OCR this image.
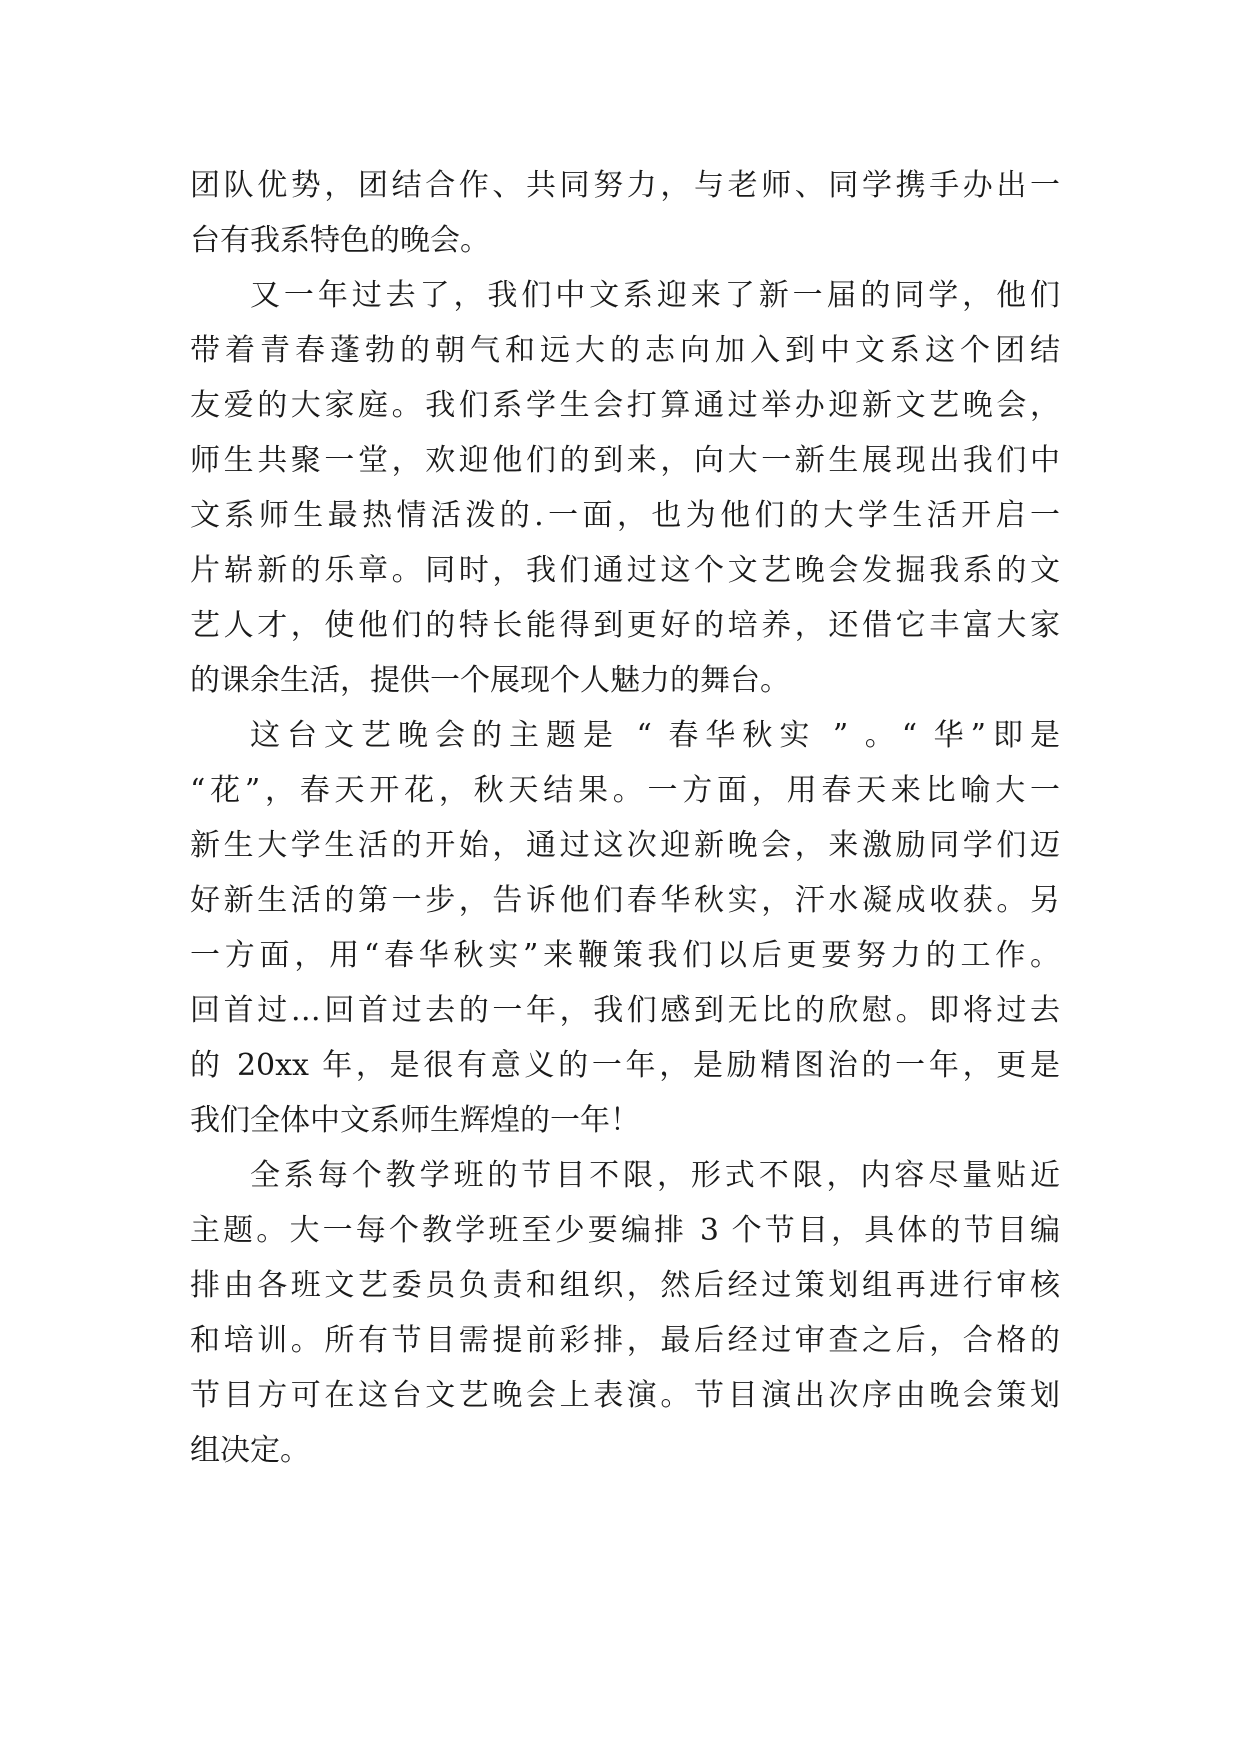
团队优势，团结合作、共同努力，与老师、同学携手办出一
台有我系特色的晚会。
又一年过去了，我们中文系迎来了新一届的同学，他们
带着青春蓬勃的朝气和远大的志向加入到中文系这个团结
友爱的大家庭。我们系学生会打算通过举办迎新文艺晚会，
师生共聚一堂，欢迎他们的到来，向大一新生展现出我们中
文系师生最热情活泼的.一面，也为他们的大学生活开启一
片崭新的乐章。同时，我们通过这个文艺晚会发掘我系的文
艺人才，使他们的特长能得到更好的培养，还借它丰富大家
的课余生活，提供一个展现个人魅力的舞台。
这台文艺晚会的主题是 “ 春华秋实 ” 。“ 华”即是
“花”，春天开花，秋天结果。一方面，用春天来比喻大一
新生大学生活的开始，通过这次迎新晚会，来激励同学们迈
好新生活的第一步，告诉他们春华秋实，汗水凝成收获。另
一方面，用“春华秋实”来鞭策我们以后更要努力的工作。
回首过…回首过去的一年，我们感到无比的欣慰。即将过去
的 20xx 年，是很有意义的一年，是励精图治的一年，更是
我们全体中文系师生辉煌的一年！
全系每个教学班的节目不限，形式不限，内容尽量贴近
主题。大一每个教学班至少要编排 3 个节目，具体的节目编
排由各班文艺委员负责和组织，然后经过策划组再进行审核
和培训。所有节目需提前彩排，最后经过审查之后，合格的
节目方可在这台文艺晚会上表演。节目演出次序由晚会策划
组决定。
